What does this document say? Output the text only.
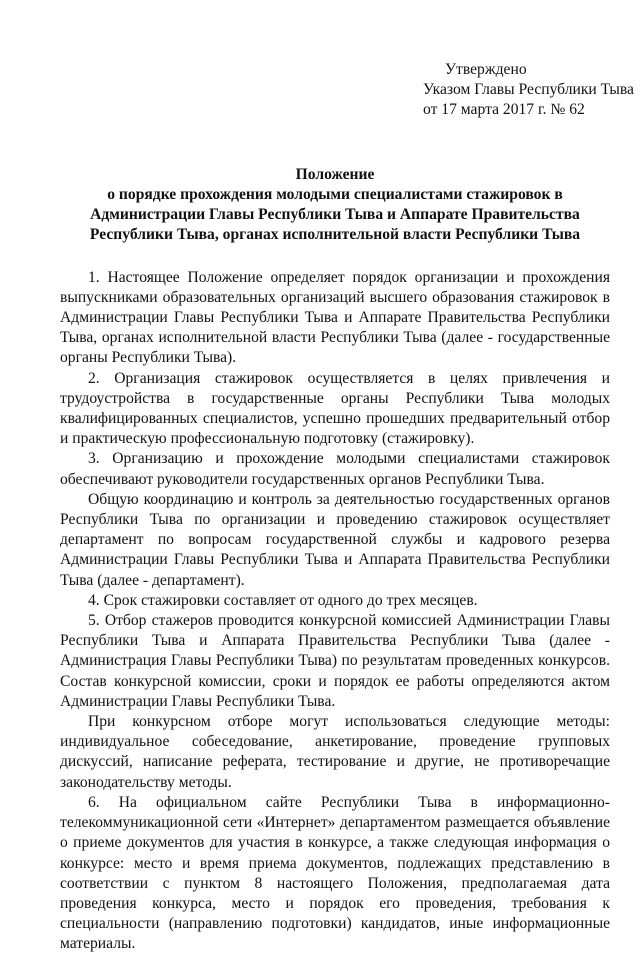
Утверждено
Указом Главы Республики Тыва
от 17 марта 2017 г. № 62
Положение
о порядке прохождения молодыми специалистами стажировок в
Администрации Главы Республики Тыва и Аппарате Правительства
Республики Тыва, органах исполнительной власти Республики Тыва

1. Настоящее Положение определяет порядок организации и прохождения выпускниками образовательных организаций высшего образования стажировок в Администрации Главы Республики Тыва и Аппарате Правительства Республики Тыва, органах исполнительной власти Республики Тыва (далее - государственные органы Республики Тыва).

2. Организация стажировок осуществляется в целях привлечения и трудоустройства в государственные органы Республики Тыва молодых квалифицированных специалистов, успешно прошедших предварительный отбор и практическую профессиональную подготовку (стажировку).

3. Организацию и прохождение молодыми специалистами стажировок обеспечивают руководители государственных органов Республики Тыва.

Общую координацию и контроль за деятельностью государственных органов Республики Тыва по организации и проведению стажировок осуществляет департамент по вопросам государственной службы и кадрового резерва Администрации Главы Республики Тыва и Аппарата Правительства Республики Тыва (далее - департамент).

4. Срок стажировки составляет от одного до трех месяцев.

5. Отбор стажеров проводится конкурсной комиссией Администрации Главы Республики Тыва и Аппарата Правительства Республики Тыва (далее - Администрация Главы Республики Тыва) по результатам проведенных конкурсов. Состав конкурсной комиссии, сроки и порядок ее работы определяются актом Администрации Главы Республики Тыва.

При конкурсном отборе могут использоваться следующие методы: индивидуальное собеседование, анкетирование, проведение групповых дискуссий, написание реферата, тестирование и другие, не противоречащие законодательству методы.

6. На официальном сайте Республики Тыва в информационно-телекоммуникационной сети «Интернет» департаментом размещается объявление о приеме документов для участия в конкурсе, а также следующая информация о конкурсе: место и время приема документов, подлежащих представлению в соответствии с пунктом 8 настоящего Положения, предполагаемая дата проведения конкурса, место и порядок его проведения, требования к специальности (направлению подготовки) кандидатов, иные информационные материалы.
